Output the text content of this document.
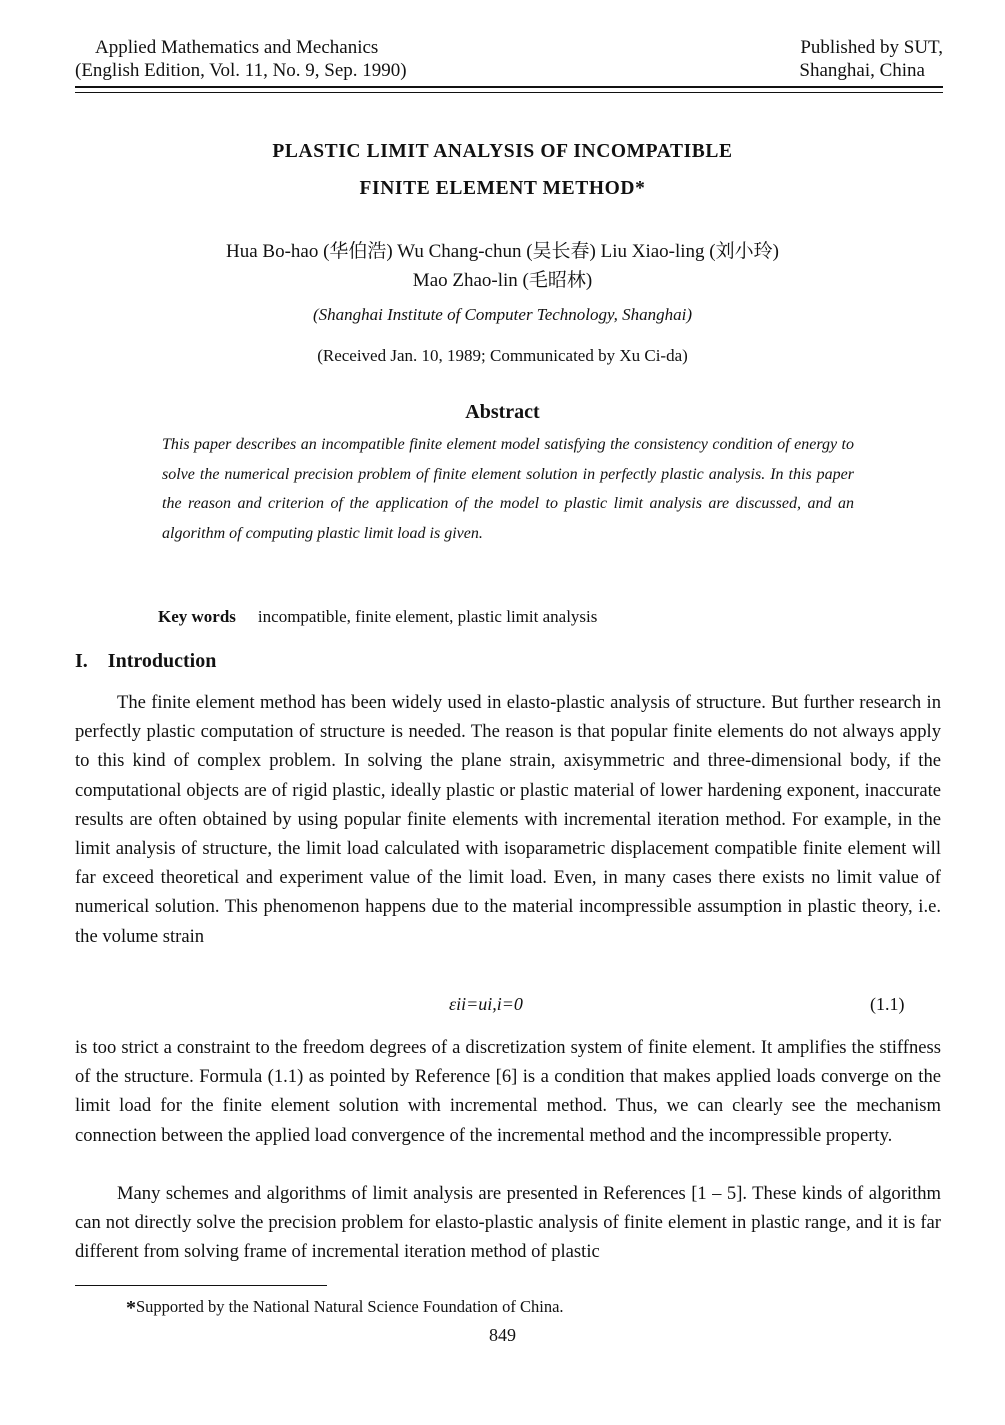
Applied Mathematics and Mechanics
(English Edition, Vol. 11, No. 9, Sep. 1990)
Published by SUT,
Shanghai, China
PLASTIC LIMIT ANALYSIS OF INCOMPATIBLE
FINITE ELEMENT METHOD*
Hua Bo-hao (华伯浩) Wu Chang-chun (吴长春) Liu Xiao-ling (刘小玲)
Mao Zhao-lin (毛昭林)
(Shanghai Institute of Computer Technology, Shanghai)
(Received Jan. 10, 1989; Communicated by Xu Ci-da)
Abstract
This paper describes an incompatible finite element model satisfying the consistency condition of energy to solve the numerical precision problem of finite element solution in perfectly plastic analysis. In this paper the reason and criterion of the application of the model to plastic limit analysis are discussed, and an algorithm of computing plastic limit load is given.
Key words incompatible, finite element, plastic limit analysis
I. Introduction
The finite element method has been widely used in elasto-plastic analysis of structure. But further research in perfectly plastic computation of structure is needed. The reason is that popular finite elements do not always apply to this kind of complex problem. In solving the plane strain, axisymmetric and three-dimensional body, if the computational objects are of rigid plastic, ideally plastic or plastic material of lower hardening exponent, inaccurate results are often obtained by using popular finite elements with incremental iteration method. For example, in the limit analysis of structure, the limit load calculated with isoparametric displacement compatible finite element will far exceed theoretical and experiment value of the limit load. Even, in many cases there exists no limit value of numerical solution. This phenomenon happens due to the material incompressible assumption in plastic theory, i.e. the volume strain
εii=ui,i=0	(1.1)
is too strict a constraint to the freedom degrees of a discretization system of finite element. It amplifies the stiffness of the structure. Formula (1.1) as pointed by Reference [6] is a condition that makes applied loads converge on the limit load for the finite element solution with incremental method. Thus, we can clearly see the mechanism connection between the applied load convergence of the incremental method and the incompressible property.
Many schemes and algorithms of limit analysis are presented in References [1 – 5]. These kinds of algorithm can not directly solve the precision problem for elasto-plastic analysis of finite element in plastic range, and it is far different from solving frame of incremental iteration method of plastic
*Supported by the National Natural Science Foundation of China.
849
